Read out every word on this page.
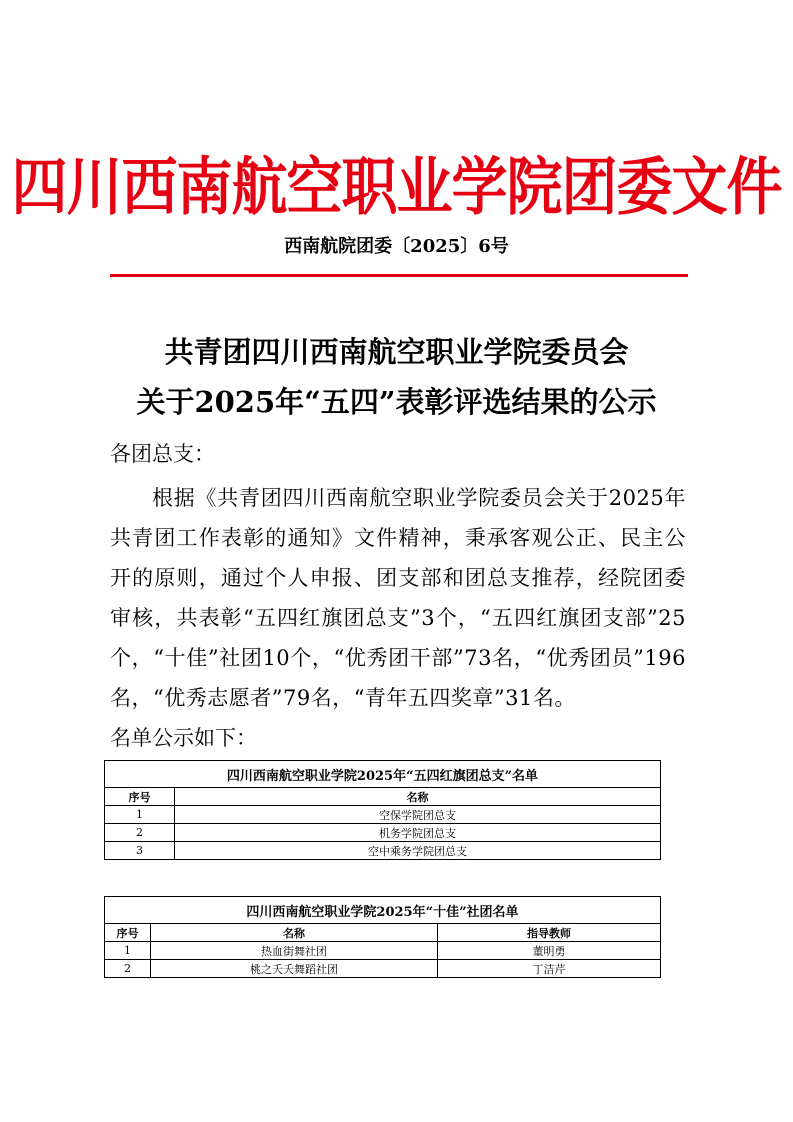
四川西南航空职业学院团委文件
西南航院团委〔2025〕6号
共青团四川西南航空职业学院委员会
关于2025年“五四”表彰评选结果的公示
各团总支：
根据《共青团四川西南航空职业学院委员会关于2025年共青团工作表彰的通知》文件精神，秉承客观公正、民主公开的原则，通过个人申报、团支部和团总支推荐，经院团委审核，共表彰“五四红旗团总支”3个，“五四红旗团支部”25个，“十佳”社团10个，“优秀团干部”73名，“优秀团员”196名，“优秀志愿者”79名，“青年五四奖章”31名。
名单公示如下：
四川西南航空职业学院2025年“五四红旗团总支”名单	
序号	名称
1	空保学院团总支
2	机务学院团总支
3	空中乘务学院团总支
四川西南航空职业学院2025年“十佳”社团名单		
序号	名称	指导教师
1	热血街舞社团	董明勇
2	桃之夭夭舞蹈社团	丁洁芹
